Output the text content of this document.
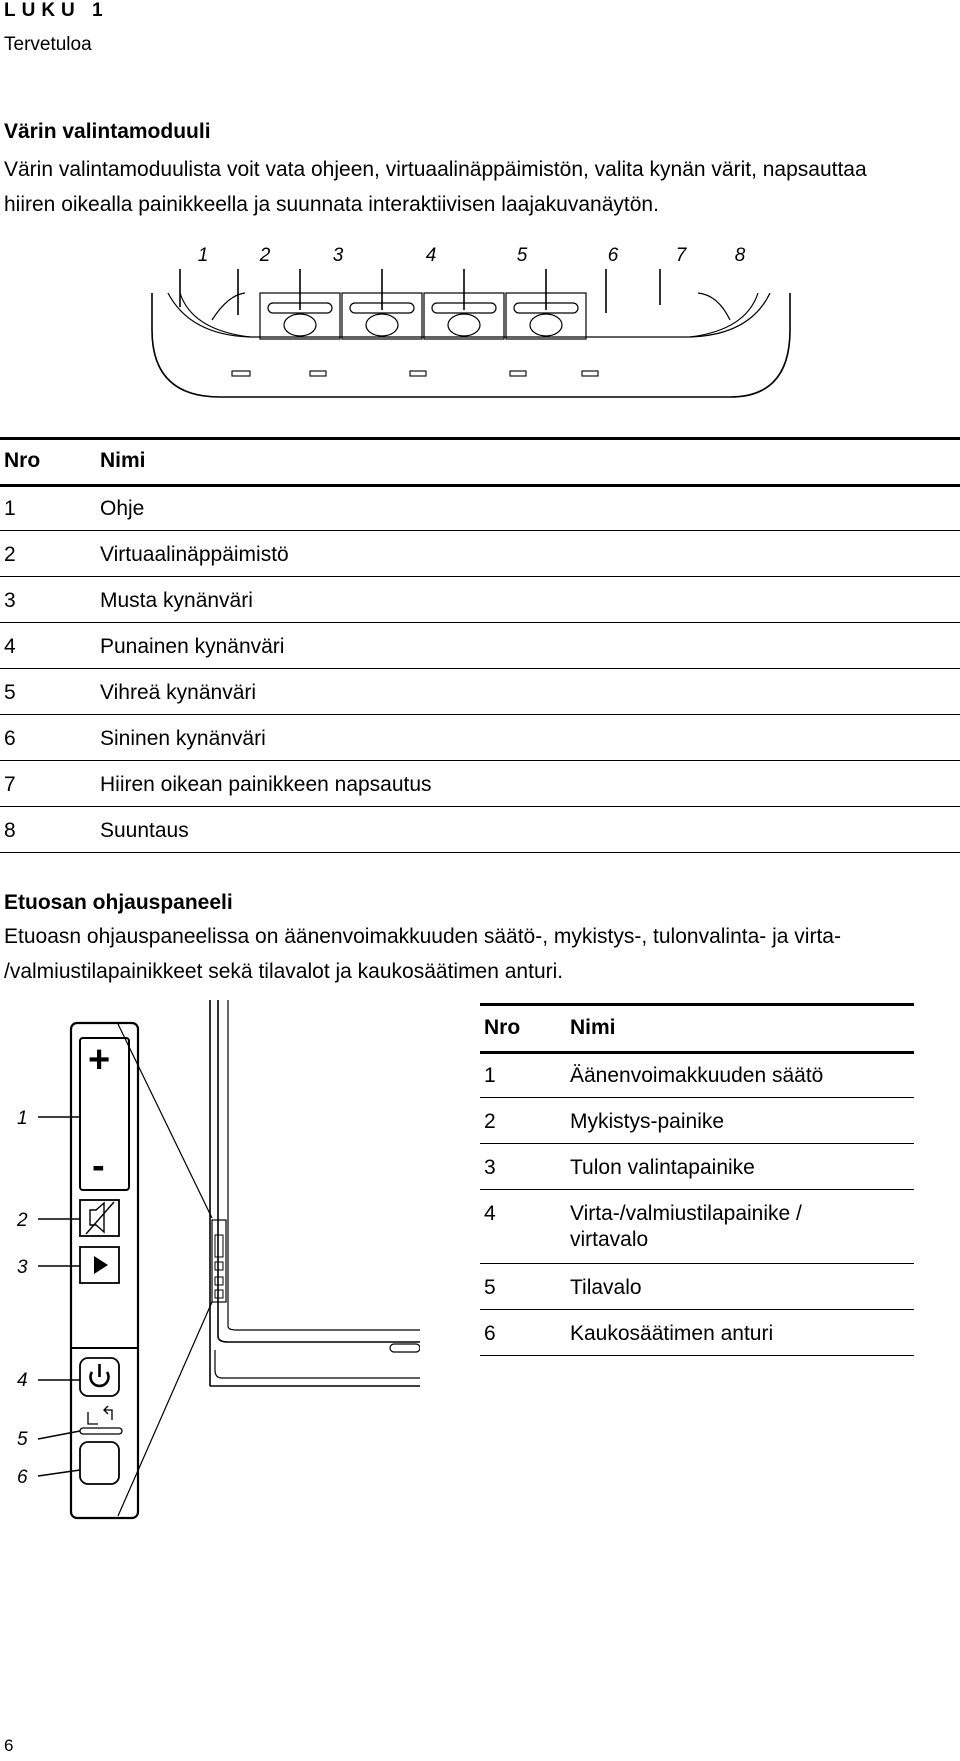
LUKU 1
Tervetuloa
Värin valintamoduuli
Värin valintamoduulista voit vata ohjeen, virtuaalinäppäimistön, valita kynän värit, napsauttaa
hiiren oikealla painikkeella ja suunnata interaktiivisen laajakuvanäytön.
1	2	3	4	5	6	7	8
Nro	Nimi
1	Ohje
2	Virtuaalinäppäimistö
3	Musta kynänväri
4	Punainen kynänväri
5	Vihreä kynänväri
6	Sininen kynänväri
7	Hiiren oikean painikkeen napsautus
8	Suuntaus
Etuosan ohjauspaneeli
Etuoasn ohjauspaneelissa on äänenvoimakkuuden säätö-, mykistys-, tulonvalinta- ja virta-
/valmiustilapainikkeet sekä tilavalot ja kaukosäätimen anturi.
1
2
3
4
5
6
+
-
Nro Nimi
1	Äänenvoimakkuuden säätö
2	Mykistys-painike
3	Tulon valintapainike
4	Virta-/valmiustilapainike / virtavalo
5	Tilavalo
6	Kaukosäätimen anturi
6
